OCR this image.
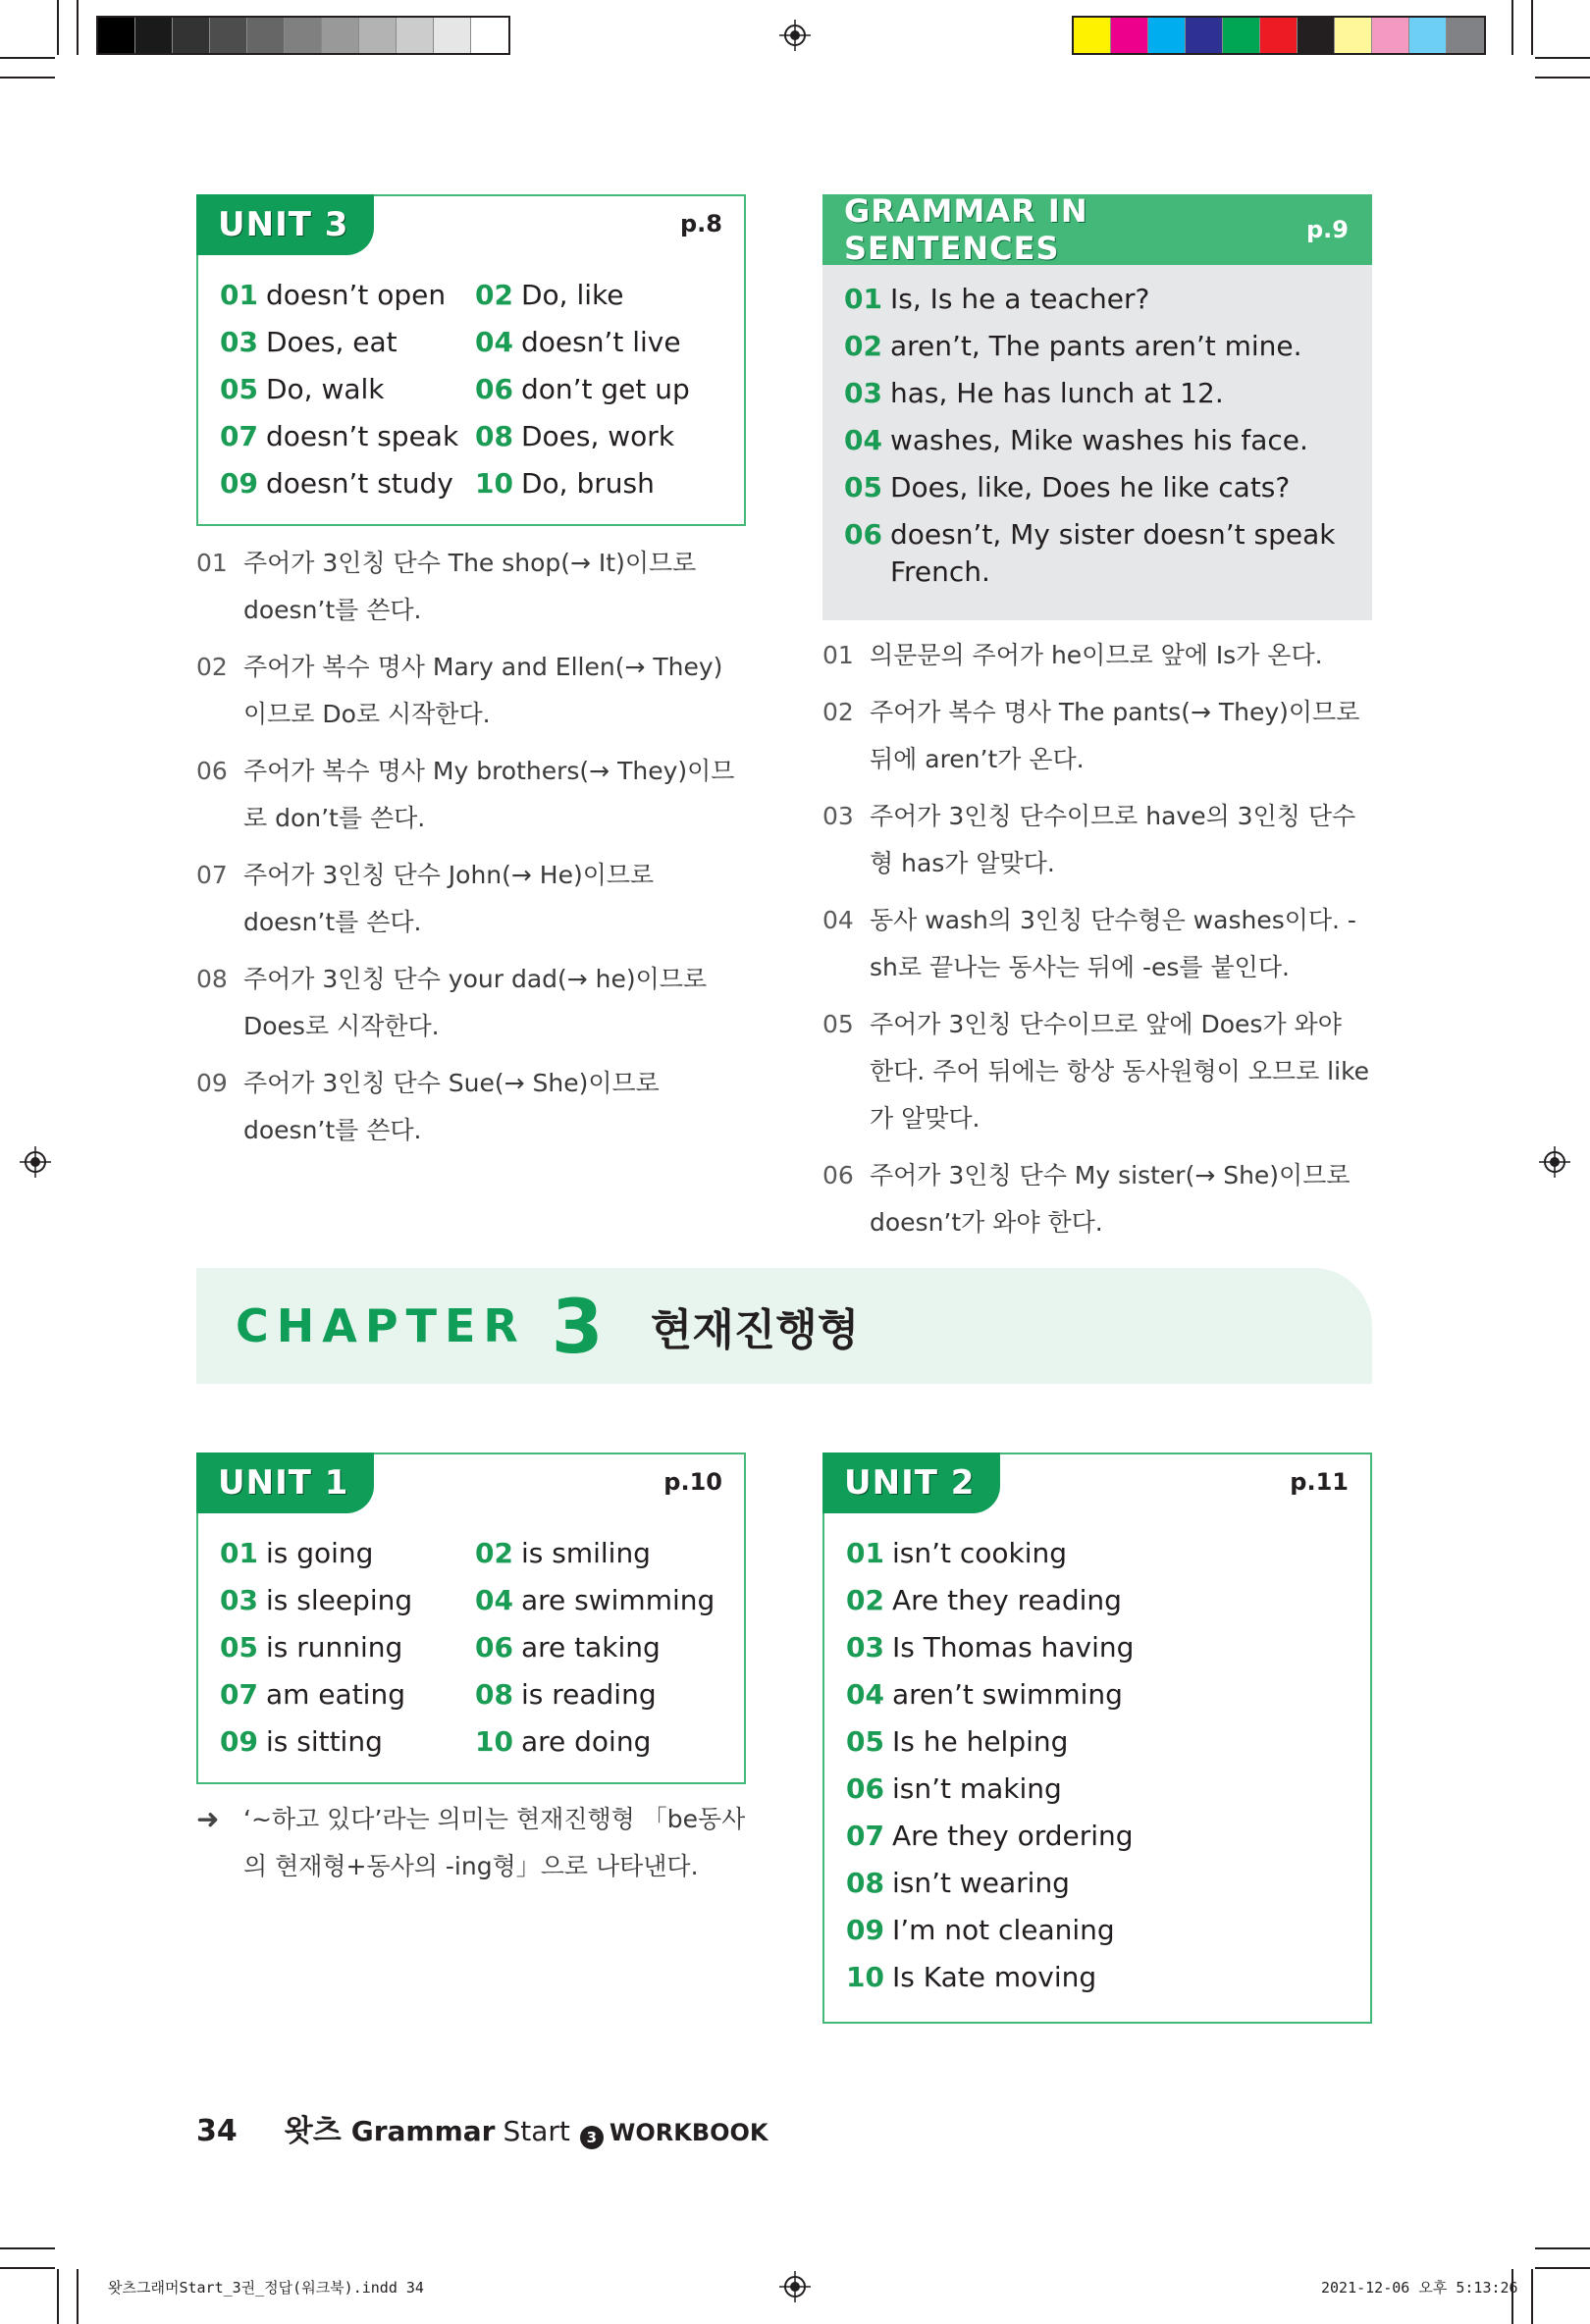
왓츠그래머Start_3권_정답(워크북).indd 34	2021-12-06 오후 5:13:26
UNIT 3	p.8
01 doesn’t open	02 Do, like
03 Does, eat	04 doesn’t live
05 Do, walk	06 don’t get up
07 doesn’t speak 08 Does, work
09 doesn’t study 10 Do, brush
01 주어가 3인칭 단수 The shop(→ It)이므로 doesn’t를 쓴다.
02 주어가 복수 명사 Mary and Ellen(→ They)이므로 Do로 시작한다.
06 주어가 복수 명사 My brothers(→ They)이므로 don’t를 쓴다.
07 주어가 3인칭 단수 John(→ He)이므로 doesn’t를 쓴다.
08 주어가 3인칭 단수 your dad(→ he)이므로 Does로 시작한다.
09 주어가 3인칭 단수 Sue(→ She)이므로 doesn’t를 쓴다.
GRAMMAR IN SENTENCES	p.9
01 Is, Is he a teacher?
02 aren’t, The pants aren’t mine.
03 has, He has lunch at 12.
04 washes, Mike washes his face.
05 Does, like, Does he like cats?
06 doesn’t, My sister doesn’t speak French.
01 의문문의 주어가 he이므로 앞에 Is가 온다.
02 주어가 복수 명사 The pants(→ They)이므로 뒤에 aren’t가 온다.
03 주어가 3인칭 단수이므로 have의 3인칭 단수형 has가 알맞다.
04 동사 wash의 3인칭 단수형은 washes이다. -sh로 끝나는 동사는 뒤에 -es를 붙인다.
05 주어가 3인칭 단수이므로 앞에 Does가 와야 한다. 주어 뒤에는 항상 동사원형이 오므로 like가 알맞다.
06 주어가 3인칭 단수 My sister(→ She)이므로 doesn’t가 와야 한다.
CHAPTER 3 현재진행형
UNIT 1	p.10
01 is going	02 is smiling
03 is sleeping	04 are swimming
05 is running	06 are taking
07 am eating	08 is reading
09 is sitting	10 are doing
➜ ‘~하고 있다’라는 의미는 현재진행형 「be동사의 현재형+동사의 -ing형」으로 나타낸다.
UNIT 2	p.11
01 isn’t cooking
02 Are they reading
03 Is Thomas having
04 aren’t swimming
05 Is he helping
06 isn’t making
07 Are they ordering
08 isn’t wearing
09 I’m not cleaning
10 Is Kate moving
34 왓츠 Grammar Start	3 WORKBOOK
